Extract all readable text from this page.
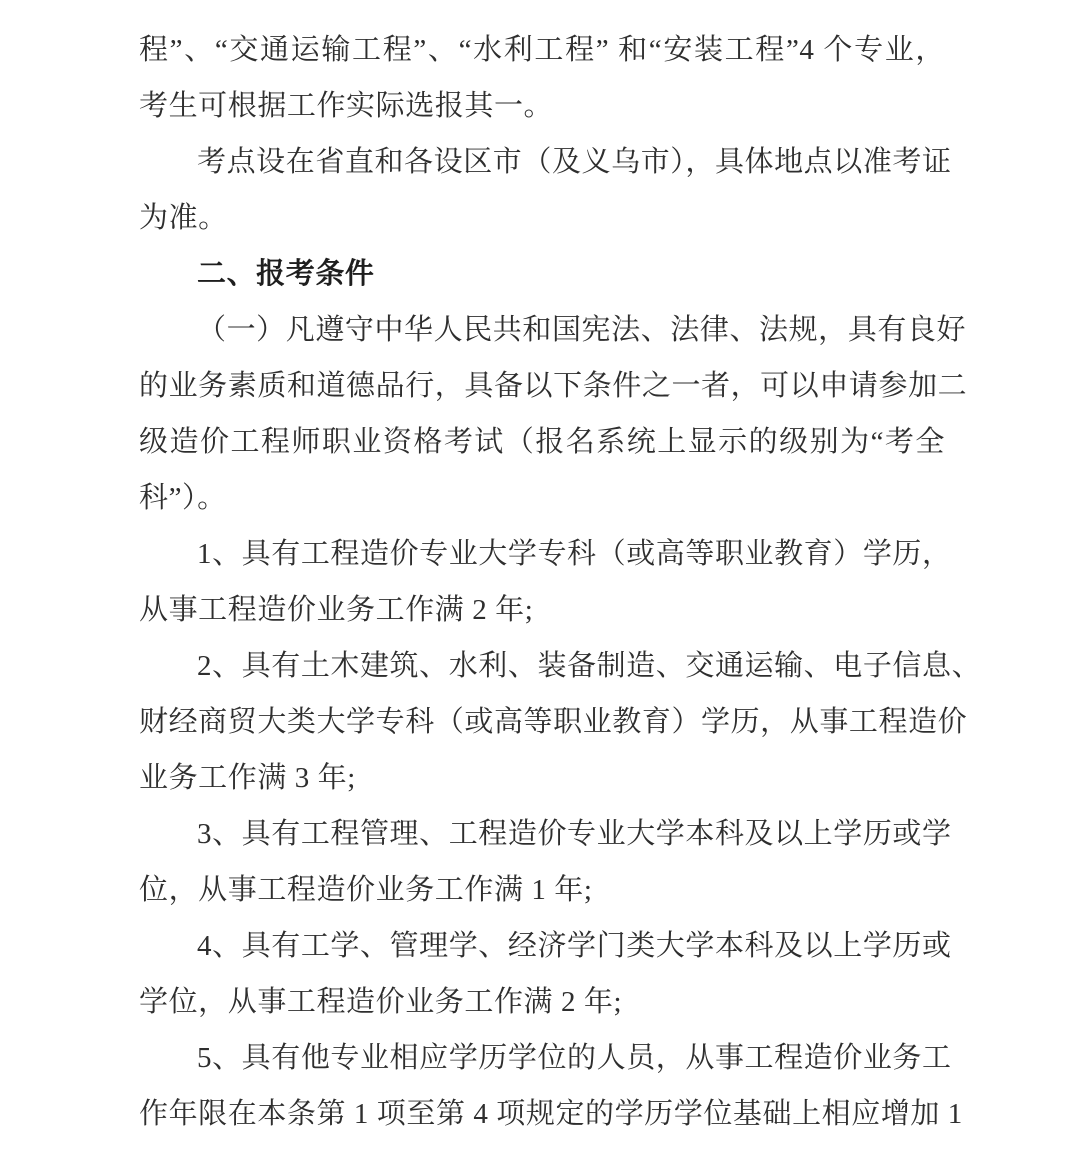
程”、“交通运输工程”、“水利工程” 和“安装工程”4 个专业，
考生可根据工作实际选报其一。
考点设在省直和各设区市（及义乌市），具体地点以准考证
为准。
二、报考条件
（一）凡遵守中华人民共和国宪法、法律、法规，具有良好
的业务素质和道德品行，具备以下条件之一者，可以申请参加二
级造价工程师职业资格考试（报名系统上显示的级别为“考全
科”）。
1、具有工程造价专业大学专科（或高等职业教育）学历，
从事工程造价业务工作满 2 年;
2、具有土木建筑、水利、装备制造、交通运输、电子信息、
财经商贸大类大学专科（或高等职业教育）学历，从事工程造价
业务工作满 3 年;
3、具有工程管理、工程造价专业大学本科及以上学历或学
位，从事工程造价业务工作满 1 年;
4、具有工学、管理学、经济学门类大学本科及以上学历或
学位，从事工程造价业务工作满 2 年;
5、具有他专业相应学历学位的人员，从事工程造价业务工
作年限在本条第 1 项至第 4 项规定的学历学位基础上相应增加 1
